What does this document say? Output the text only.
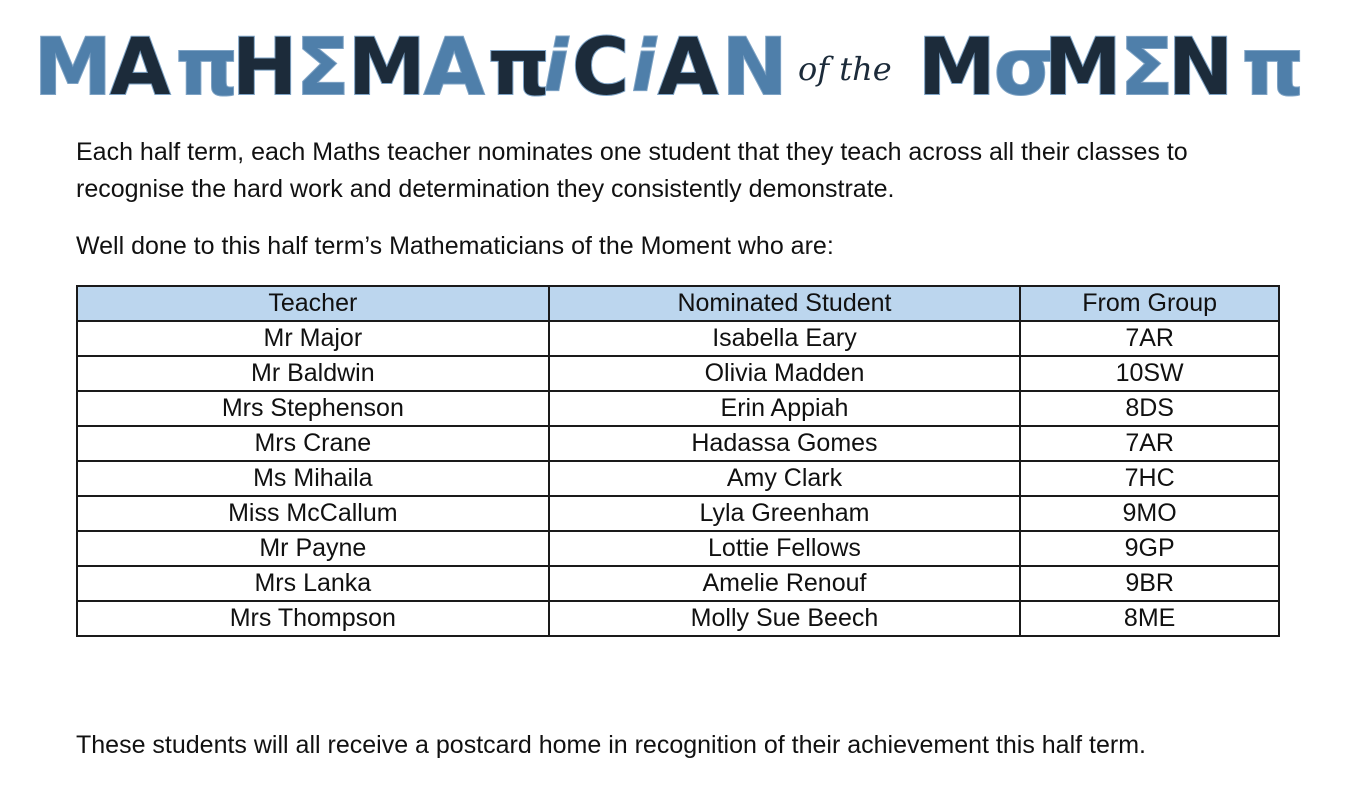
M
A π
H
Σ
M
A π
i C i A N of the M
σ
M
Σ
N π

Each half term, each Maths teacher nominates one student that they teach across all their classes to recognise the hard work and determination they consistently demonstrate.

Well done to this half term’s Mathematicians of the Moment who are:

Teacher	Nominated Student	From Group
Mr Major	Isabella Eary	7AR
Mr Baldwin	Olivia Madden	10SW
Mrs Stephenson	Erin Appiah	8DS
Mrs Crane	Hadassa Gomes	7AR
Ms Mihaila	Amy Clark	7HC
Miss McCallum	Lyla Greenham	9MO
Mr Payne	Lottie Fellows	9GP
Mrs Lanka	Amelie Renouf	9BR
Mrs Thompson	Molly Sue Beech	8ME

These students will all receive a postcard home in recognition of their achievement this half term.
